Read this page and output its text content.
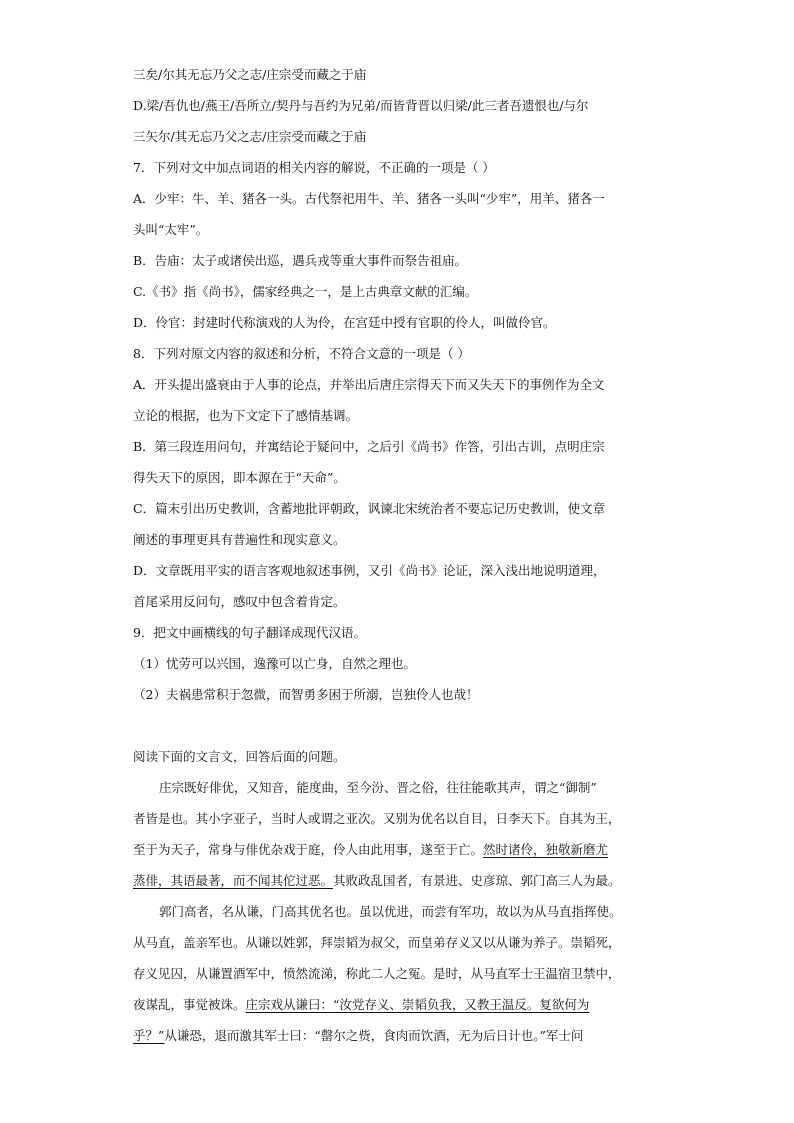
三矣/尔其无忘乃父之志/庄宗受而藏之于庙
D.梁/吾仇也/燕王/吾所立/契丹与吾约为兄弟/而皆背晋以归梁/此三者吾遗恨也/与尔
三矢尔/其无忘乃父之志/庄宗受而藏之于庙
7．下列对文中加点词语的相关内容的解说，不正确的一项是（ ）
A．少牢：牛、羊、猪各一头。古代祭祀用牛、羊、猪各一头叫“少牢”，用羊、猪各一
头叫“太牢”。
B．告庙：太子或诸侯出巡，遇兵戎等重大事件而祭告祖庙。
C.《书》指《尚书》，儒家经典之一，是上古典章文献的汇编。
D．伶官：封建时代称演戏的人为伶，在宫廷中授有官职的伶人，叫做伶官。
8．下列对原文内容的叙述和分析，不符合文意的一项是（ ）
A．开头提出盛衰由于人事的论点，并举出后唐庄宗得天下而又失天下的事例作为全文
立论的根据，也为下文定下了感情基调。
B．第三段连用问句，并寓结论于疑问中，之后引《尚书》作答，引出古训，点明庄宗
得失天下的原因，即本源在于“天命”。
C．篇末引出历史教训，含蓄地批评朝政，讽谏北宋统治者不要忘记历史教训，使文章
阐述的事理更具有普遍性和现实意义。
D．文章既用平实的语言客观地叙述事例，又引《尚书》论证，深入浅出地说明道理，
首尾采用反问句，感叹中包含着肯定。
9．把文中画横线的句子翻译成现代汉语。
（1）忧劳可以兴国，逸豫可以亡身，自然之理也。
（2）夫祸患常积于忽微，而智勇多困于所溺，岂独伶人也哉！
阅读下面的文言文，回答后面的问题。
庄宗既好俳优，又知音，能度曲，至今汾、晋之俗，往往能歌其声，谓之“御制”
者皆是也。其小字亚子，当时人或谓之亚次。又别为优名以自目，日李天下。自其为王，
至于为天子，常身与俳优杂戏于庭，伶人由此用事，遂至于亡。然时诸伶，独敬新磨尤
蒸俳，其语最著，而不闻其佗过恶。其败政乱国者，有景进、史彦琼、郭门高三人为最。
郭门高者，名从谦，门高其优名也。虽以优进，而尝有军功，故以为从马直指挥使。
从马直，盖亲军也。从谦以姓郭，拜崇韬为叔父，而皇弟存义又以从谦为养子。崇韬死，
存义见囚，从谦置酒军中，愤然流涕，称此二人之冤。是时，从马直军士王温宿卫禁中，
夜谋乱，事觉被诛。庄宗戏从谦曰：“汝党存义、崇韬负我，又教王温反。复欲何为
乎？”从谦恐，退而激其军士曰：“罄尔之赀，食肉而饮酒，无为后日计也。”军士问
